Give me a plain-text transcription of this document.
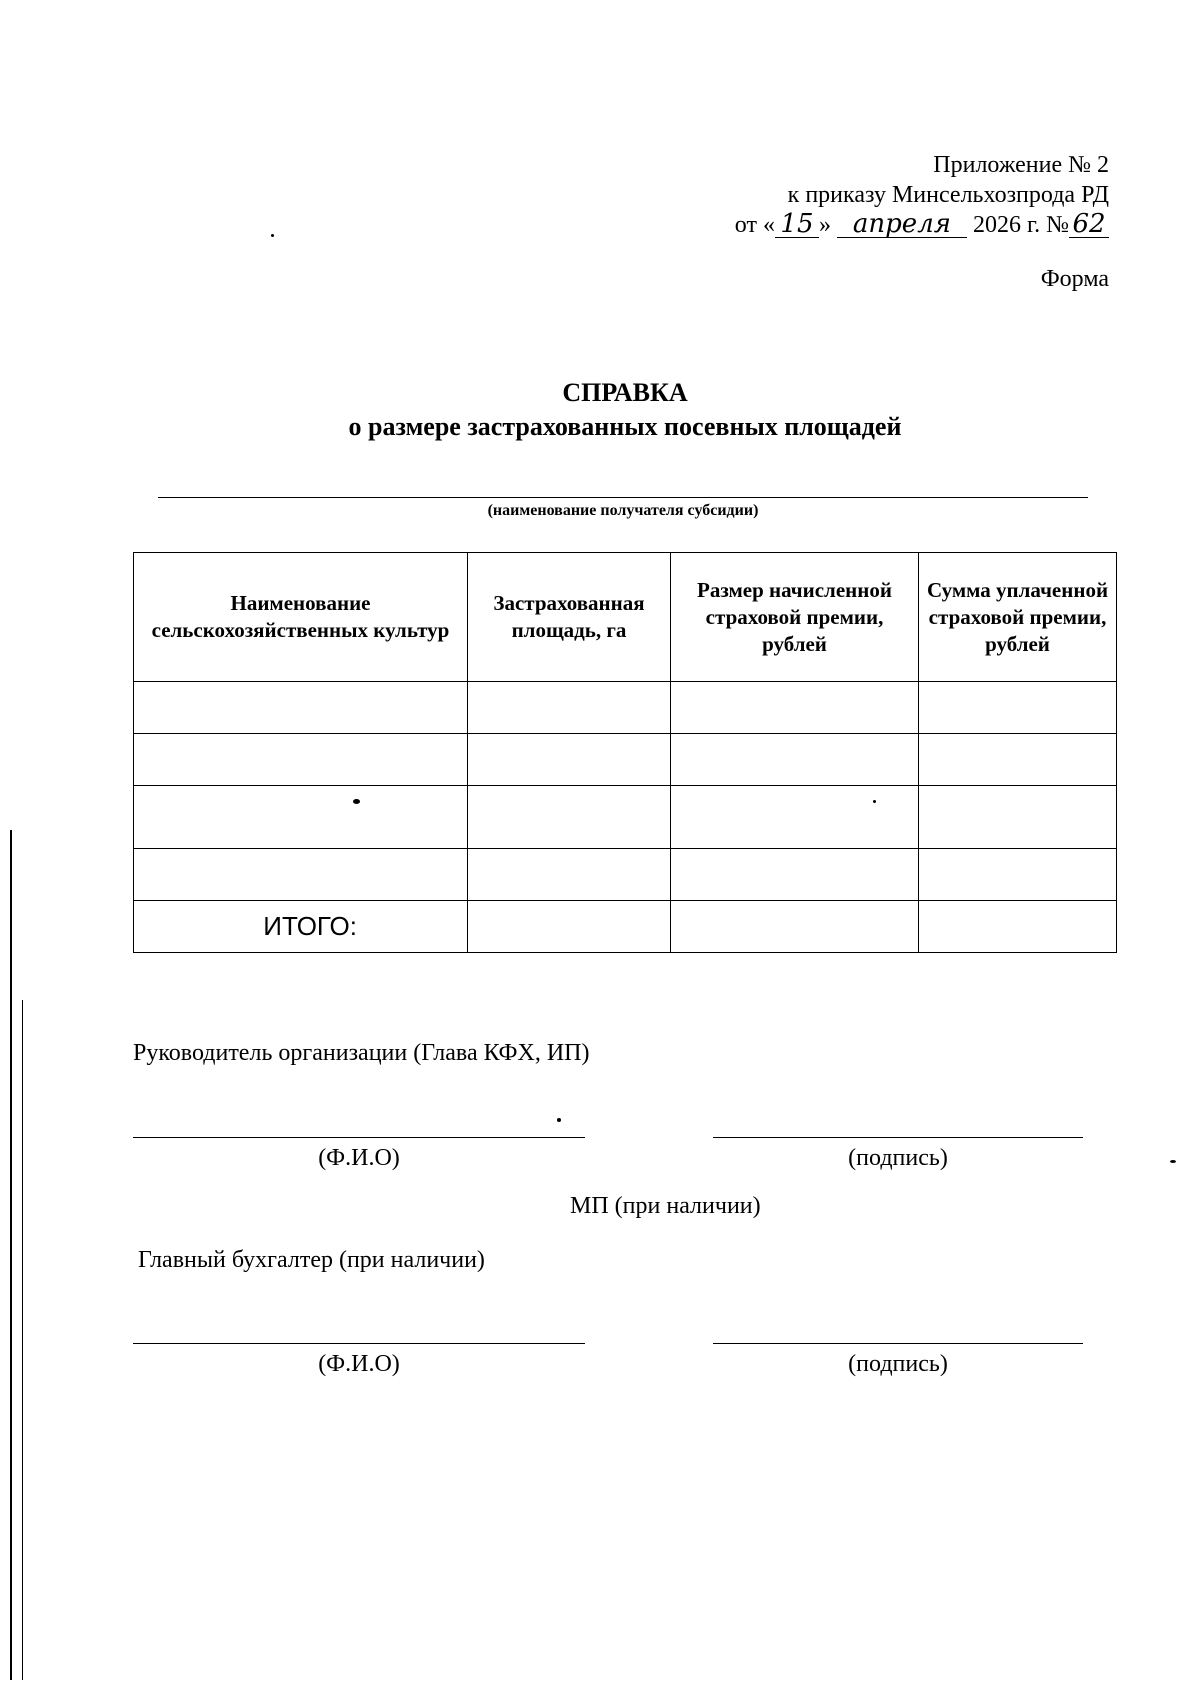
Приложение № 2
к приказу Минсельхозпрода РД
от « 15 » апреля 2026 г. № 62
Форма
СПРАВКА
о размере застрахованных посевных площадей
(наименование получателя субсидии)
Наименование сельскохозяйственных культур	Застрахованная площадь, га	Размер начисленной страховой премии, рублей	Сумма уплаченной страховой премии, рублей

ИТОГО:			
Руководитель организации (Глава КФХ, ИП)
(Ф.И.О)	(подпись)
МП (при наличии)
Главный бухгалтер (при наличии)
(Ф.И.О)	(подпись)
